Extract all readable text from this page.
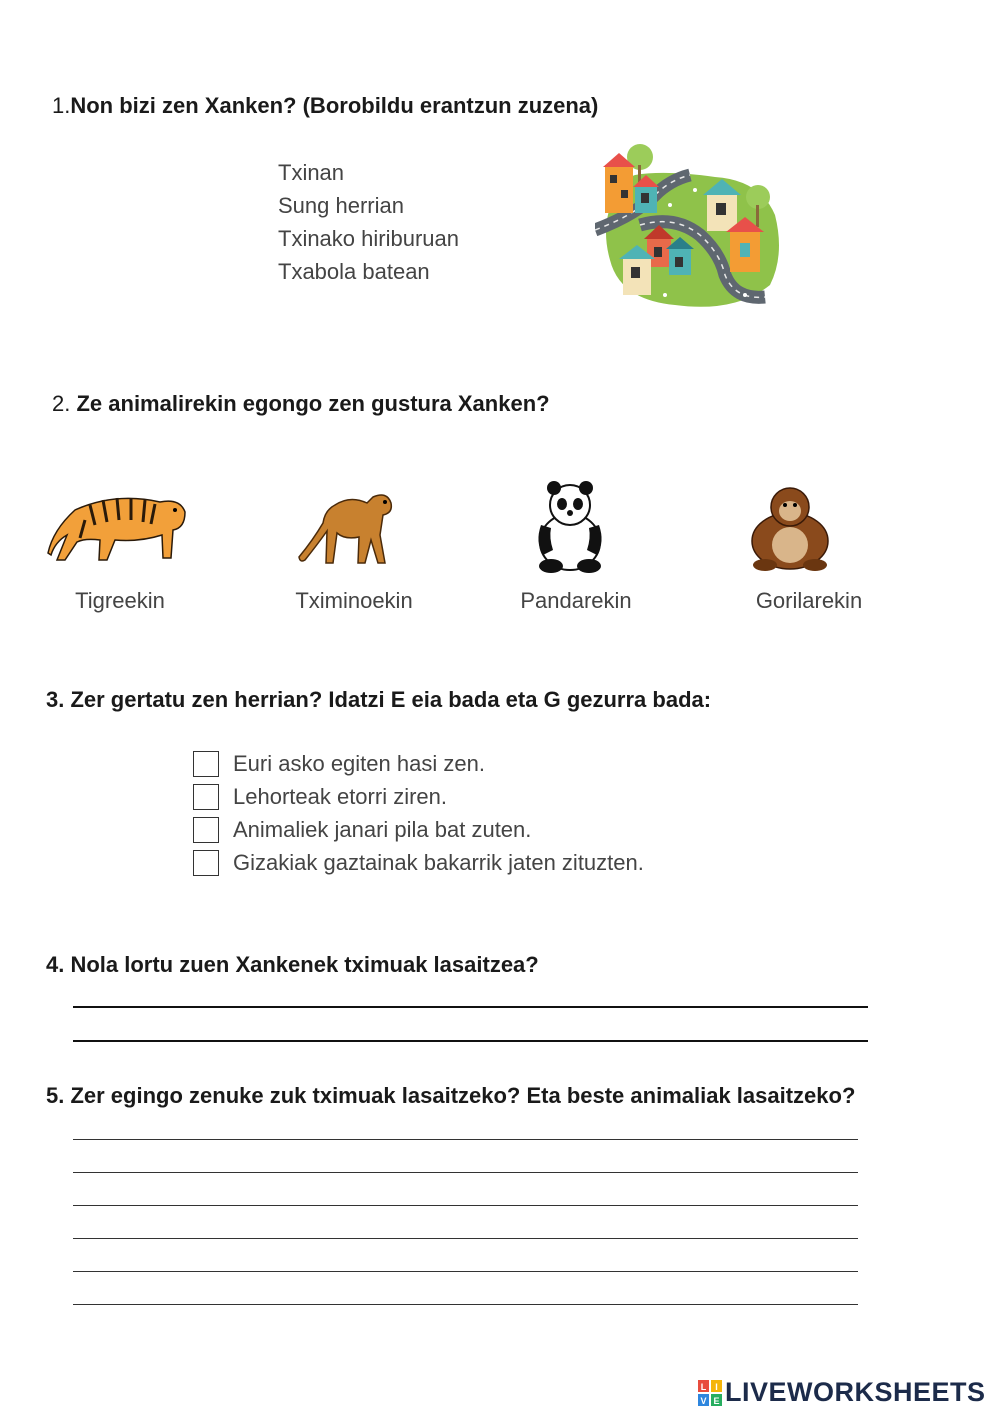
1.Non bizi zen Xanken? (Borobildu erantzun zuzena)
Txinan
Sung herrian
Txinako hiriburuan
Txabola batean
2. Ze animalirekin egongo zen gustura Xanken?
Tigreekin	Tximinoekin	Pandarekin	Gorilarekin
3. Zer gertatu zen herrian? Idatzi E eia bada eta G gezurra bada:
Euri asko egiten hasi zen.
Lehorteak etorri ziren.
Animaliek janari pila bat zuten.
Gizakiak gaztainak bakarrik jaten zituzten.
4. Nola lortu zuen Xankenek tximuak lasaitzea?
5. Zer egingo zenuke zuk tximuak lasaitzeko? Eta beste animaliak lasaitzeko?
L I
V E LIVEWORKSHEETS
